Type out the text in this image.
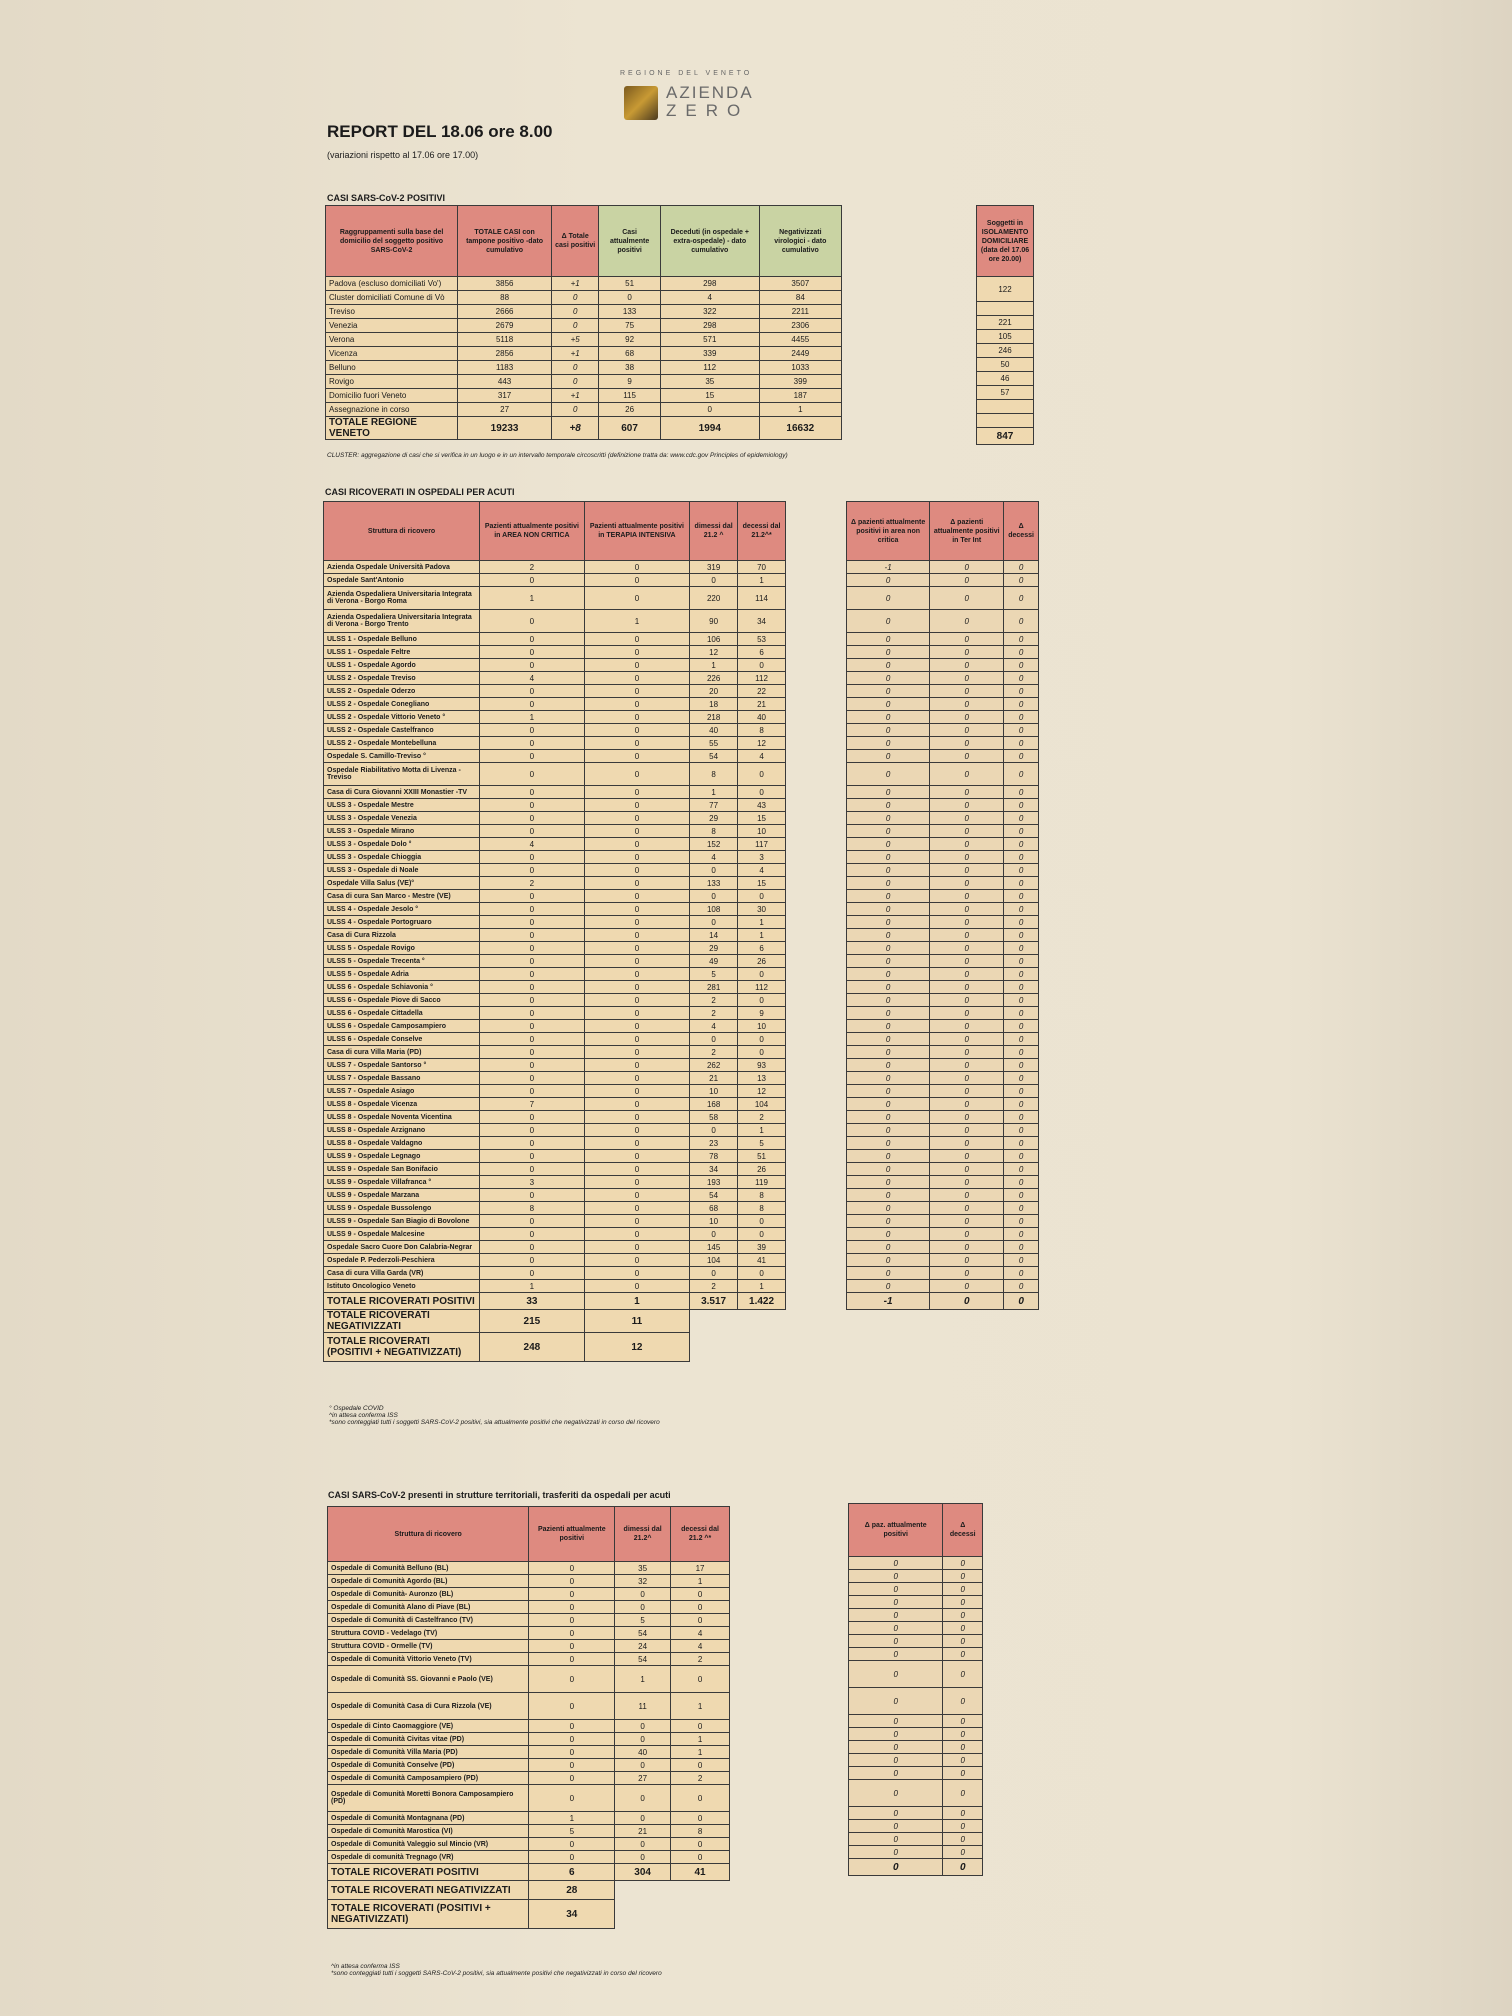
REGIONE DEL VENETO
AZIENDA
ZERO
REPORT DEL 18.06 ore 8.00
(variazioni rispetto al 17.06 ore 17.00)
CASI SARS-CoV-2 POSITIVI
Raggruppamenti sulla base del domicilio del soggetto positivo SARS-CoV-2	TOTALE CASI con tampone positivo -dato cumulativo	Δ Totale casi positivi	Casi attualmente positivi	Deceduti (in ospedale + extra-ospedale) - dato cumulativo	Negativizzati virologici - dato cumulativo
Padova (escluso domiciliati Vo')	3856	+1	51	298	3507
Cluster domiciliati Comune di Vò	88	0	0	4	84
Treviso	2666	0	133	322	2211
Venezia	2679	0	75	298	2306
Verona	5118	+5	92	571	4455
Vicenza	2856	+1	68	339	2449
Belluno	1183	0	38	112	1033
Rovigo	443	0	9	35	399
Domicilio fuori Veneto	317	+1	115	15	187
Assegnazione in corso	27	0	26	0	1
TOTALE REGIONE VENETO	19233	+8	607	1994	16632
CLUSTER: aggregazione di casi che si verifica in un luogo e in un intervallo temporale circoscritti (definizione tratta da: www.cdc.gov Principles of epidemiology)
Soggetti in ISOLAMENTO DOMICILIARE (data del 17.06 ore 20.00)
122

221
105
246
50
46
57

847
CASI RICOVERATI IN OSPEDALI PER ACUTI
Struttura di ricovero	Pazienti attualmente positivi in AREA NON CRITICA	Pazienti attualmente positivi in TERAPIA INTENSIVA	dimessi dal 21.2 ^	decessi dal 21.2^*
Azienda Ospedale Università Padova	2	0	319	70
Ospedale Sant'Antonio	0	0	0	1
Azienda Ospedaliera Universitaria Integrata di Verona - Borgo Roma	1	0	220	114
Azienda Ospedaliera Universitaria Integrata di Verona - Borgo Trento	0	1	90	34
ULSS 1 - Ospedale Belluno	0	0	106	53
ULSS 1 - Ospedale Feltre	0	0	12	6
ULSS 1 - Ospedale Agordo	0	0	1	0
ULSS 2 - Ospedale Treviso	4	0	226	112
ULSS 2 - Ospedale Oderzo	0	0	20	22
ULSS 2 - Ospedale Conegliano	0	0	18	21
ULSS 2 - Ospedale Vittorio Veneto °	1	0	218	40
ULSS 2 - Ospedale Castelfranco	0	0	40	8
ULSS 2 - Ospedale Montebelluna	0	0	55	12
Ospedale S. Camillo-Treviso °	0	0	54	4
Ospedale Riabilitativo Motta di Livenza - Treviso	0	0	8	0
Casa di Cura Giovanni XXIII Monastier -TV	0	0	1	0
ULSS 3 - Ospedale Mestre	0	0	77	43
ULSS 3 - Ospedale Venezia	0	0	29	15
ULSS 3 - Ospedale Mirano	0	0	8	10
ULSS 3 - Ospedale Dolo °	4	0	152	117
ULSS 3 - Ospedale Chioggia	0	0	4	3
ULSS 3 - Ospedale di Noale	0	0	0	4
Ospedale Villa Salus (VE)°	2	0	133	15
Casa di cura San Marco - Mestre (VE)	0	0	0	0
ULSS 4 - Ospedale Jesolo °	0	0	108	30
ULSS 4 - Ospedale Portogruaro	0	0	0	1
Casa di Cura Rizzola	0	0	14	1
ULSS 5 - Ospedale Rovigo	0	0	29	6
ULSS 5 - Ospedale Trecenta °	0	0	49	26
ULSS 5 - Ospedale Adria	0	0	5	0
ULSS 6 - Ospedale Schiavonia °	0	0	281	112
ULSS 6 - Ospedale Piove di Sacco	0	0	2	0
ULSS 6 - Ospedale Cittadella	0	0	2	9
ULSS 6 - Ospedale Camposampiero	0	0	4	10
ULSS 6 - Ospedale Conselve	0	0	0	0
Casa di cura Villa Maria (PD)	0	0	2	0
ULSS 7 - Ospedale Santorso °	0	0	262	93
ULSS 7 - Ospedale Bassano	0	0	21	13
ULSS 7 - Ospedale Asiago	0	0	10	12
ULSS 8 - Ospedale Vicenza	7	0	168	104
ULSS 8 - Ospedale Noventa Vicentina	0	0	58	2
ULSS 8 - Ospedale Arzignano	0	0	0	1
ULSS 8 - Ospedale Valdagno	0	0	23	5
ULSS 9 - Ospedale Legnago	0	0	78	51
ULSS 9 - Ospedale San Bonifacio	0	0	34	26
ULSS 9 - Ospedale Villafranca °	3	0	193	119
ULSS 9 - Ospedale Marzana	0	0	54	8
ULSS 9 - Ospedale Bussolengo	8	0	68	8
ULSS 9 - Ospedale San Biagio di Bovolone	0	0	10	0
ULSS 9 - Ospedale Malcesine	0	0	0	0
Ospedale Sacro Cuore Don Calabria-Negrar	0	0	145	39
Ospedale P. Pederzoli-Peschiera	0	0	104	41
Casa di cura Villa Garda (VR)	0	0	0	0
Istituto Oncologico Veneto	1	0	2	1
TOTALE RICOVERATI POSITIVI	33	1	3.517	1.422
TOTALE RICOVERATI NEGATIVIZZATI	215	11		
TOTALE RICOVERATI (POSITIVI + NEGATIVIZZATI)	248	12		
Δ pazienti attualmente positivi in area non critica	Δ pazienti attualmente positivi in Ter Int	Δ decessi
-1	0	0
0	0	0
0	0	0
0	0	0
0	0	0
0	0	0
0	0	0
0	0	0
0	0	0
0	0	0
0	0	0
0	0	0
0	0	0
0	0	0
0	0	0
0	0	0
0	0	0
0	0	0
0	0	0
0	0	0
0	0	0
0	0	0
0	0	0
0	0	0
0	0	0
0	0	0
0	0	0
0	0	0
0	0	0
0	0	0
0	0	0
0	0	0
0	0	0
0	0	0
0	0	0
0	0	0
0	0	0
0	0	0
0	0	0
0	0	0
0	0	0
0	0	0
0	0	0
0	0	0
0	0	0
0	0	0
0	0	0
0	0	0
0	0	0
0	0	0
0	0	0
0	0	0
0	0	0
0	0	0
-1	0	0
° Ospedale COVID
^in attesa conferma ISS
*sono conteggiati tutti i soggetti SARS-CoV-2 positivi, sia attualmente positivi che negativizzati in corso del ricovero
CASI SARS-CoV-2 presenti in strutture territoriali, trasferiti da ospedali per acuti
Struttura di ricovero	Pazienti attualmente positivi	dimessi dal 21.2^	decessi dal 21.2 ^*
Ospedale di Comunità Belluno (BL)	0	35	17
Ospedale di Comunità Agordo (BL)	0	32	1
Ospedale di Comunità- Auronzo (BL)	0	0	0
Ospedale di Comunità Alano di Piave (BL)	0	0	0
Ospedale di Comunità di Castelfranco (TV)	0	5	0
Struttura COVID - Vedelago (TV)	0	54	4
Struttura COVID - Ormelle (TV)	0	24	4
Ospedale di Comunità Vittorio Veneto (TV)	0	54	2
Ospedale di Comunità SS. Giovanni e Paolo (VE)	0	1	0
Ospedale di Comunità Casa di Cura Rizzola (VE)	0	11	1
Ospedale di Cinto Caomaggiore (VE)	0	0	0
Ospedale di Comunità Civitas vitae (PD)	0	0	1
Ospedale di Comunità Villa Maria (PD)	0	40	1
Ospedale di Comunità Conselve (PD)	0	0	0
Ospedale di Comunità Camposampiero (PD)	0	27	2
Ospedale di Comunità Moretti Bonora Camposampiero (PD)	0	0	0
Ospedale di Comunità Montagnana (PD)	1	0	0
Ospedale di Comunità Marostica (VI)	5	21	8
Ospedale di Comunità Valeggio sul Mincio (VR)	0	0	0
Ospedale di comunità Tregnago (VR)	0	0	0
TOTALE RICOVERATI POSITIVI	6	304	41
TOTALE RICOVERATI NEGATIVIZZATI	28		
TOTALE RICOVERATI (POSITIVI + NEGATIVIZZATI)	34		
Δ paz. attualmente positivi	Δ decessi
0	0
0	0
0	0
0	0
0	0
0	0
0	0
0	0
0	0
0	0
0	0
0	0
0	0
0	0
0	0
0	0
0	0
0	0
0	0
0	0
0	0
^in attesa conferma ISS
*sono conteggiati tutti i soggetti SARS-CoV-2 positivi, sia attualmente positivi che negativizzati in corso del ricovero
